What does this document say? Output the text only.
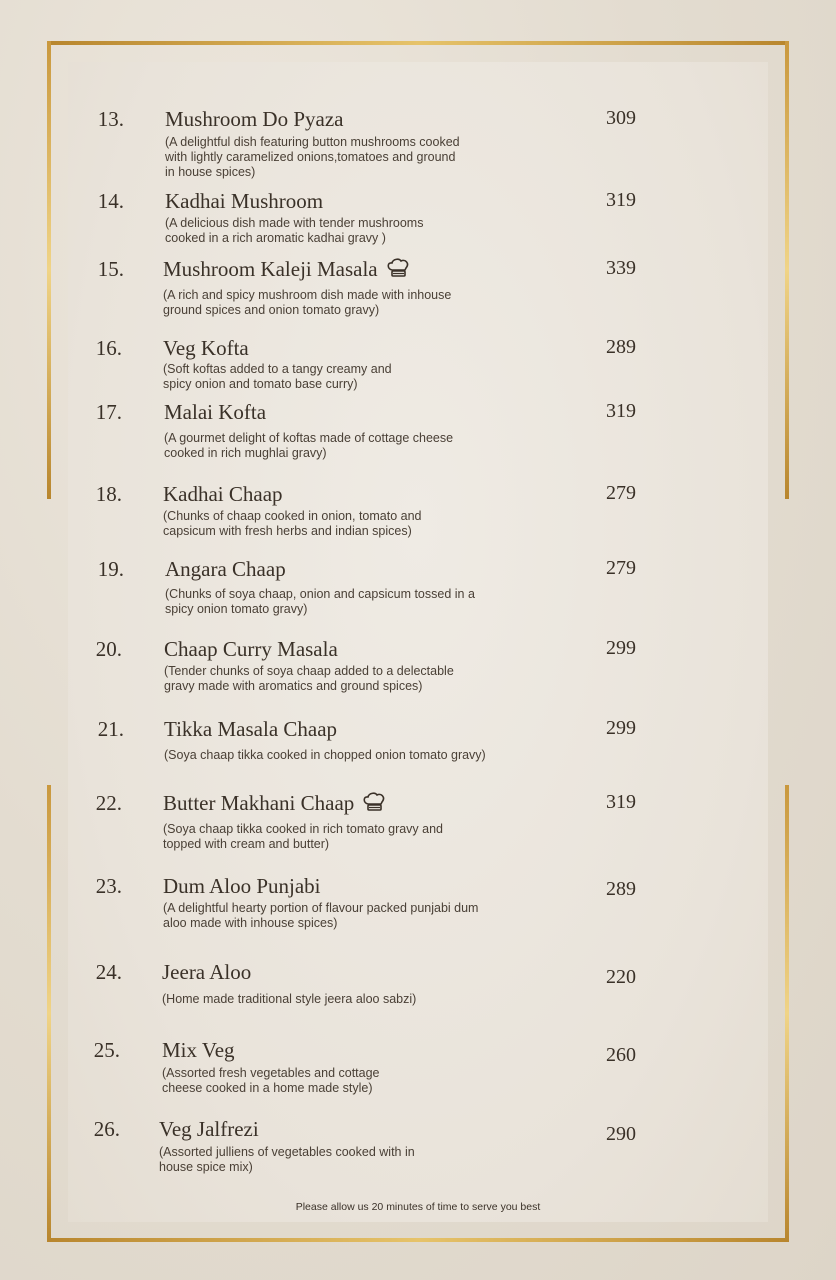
13. Mushroom Do Pyaza
(A delightful dish featuring button mushrooms cooked with lightly caramelized onions,tomatoes and ground in house spices)
309
14. Kadhai Mushroom
(A delicious dish made with tender mushrooms cooked in a rich aromatic kadhai gravy )
319
15. Mushroom Kaleji Masala
(A rich and spicy mushroom dish made with inhouse ground spices and onion tomato gravy)
339
16. Veg Kofta
(Soft koftas added to a tangy creamy and spicy onion and tomato base curry)
289
17. Malai Kofta
(A gourmet delight of koftas made of cottage cheese cooked in rich mughlai gravy)
319
18. Kadhai Chaap
(Chunks of chaap cooked in onion, tomato and capsicum with fresh herbs and indian spices)
279
19. Angara Chaap
(Chunks of soya chaap, onion and capsicum tossed in a spicy onion tomato gravy)
279
20. Chaap Curry Masala
(Tender chunks of soya chaap added to a delectable gravy made with aromatics and ground spices)
299
21. Tikka Masala Chaap
(Soya chaap tikka cooked in chopped onion tomato gravy)
299
22. Butter Makhani Chaap
(Soya chaap tikka cooked in rich tomato gravy and topped with cream and butter)
319
23. Dum Aloo Punjabi
(A delightful hearty portion of flavour packed punjabi dum aloo made with inhouse spices)
289
24. Jeera Aloo
(Home made traditional style jeera aloo sabzi)
220
25. Mix Veg
(Assorted fresh vegetables and cottage cheese cooked in a home made style)
260
26. Veg Jalfrezi
(Assorted julliens of vegetables cooked with in house spice mix)
290
Please allow us 20 minutes of time to serve you best
